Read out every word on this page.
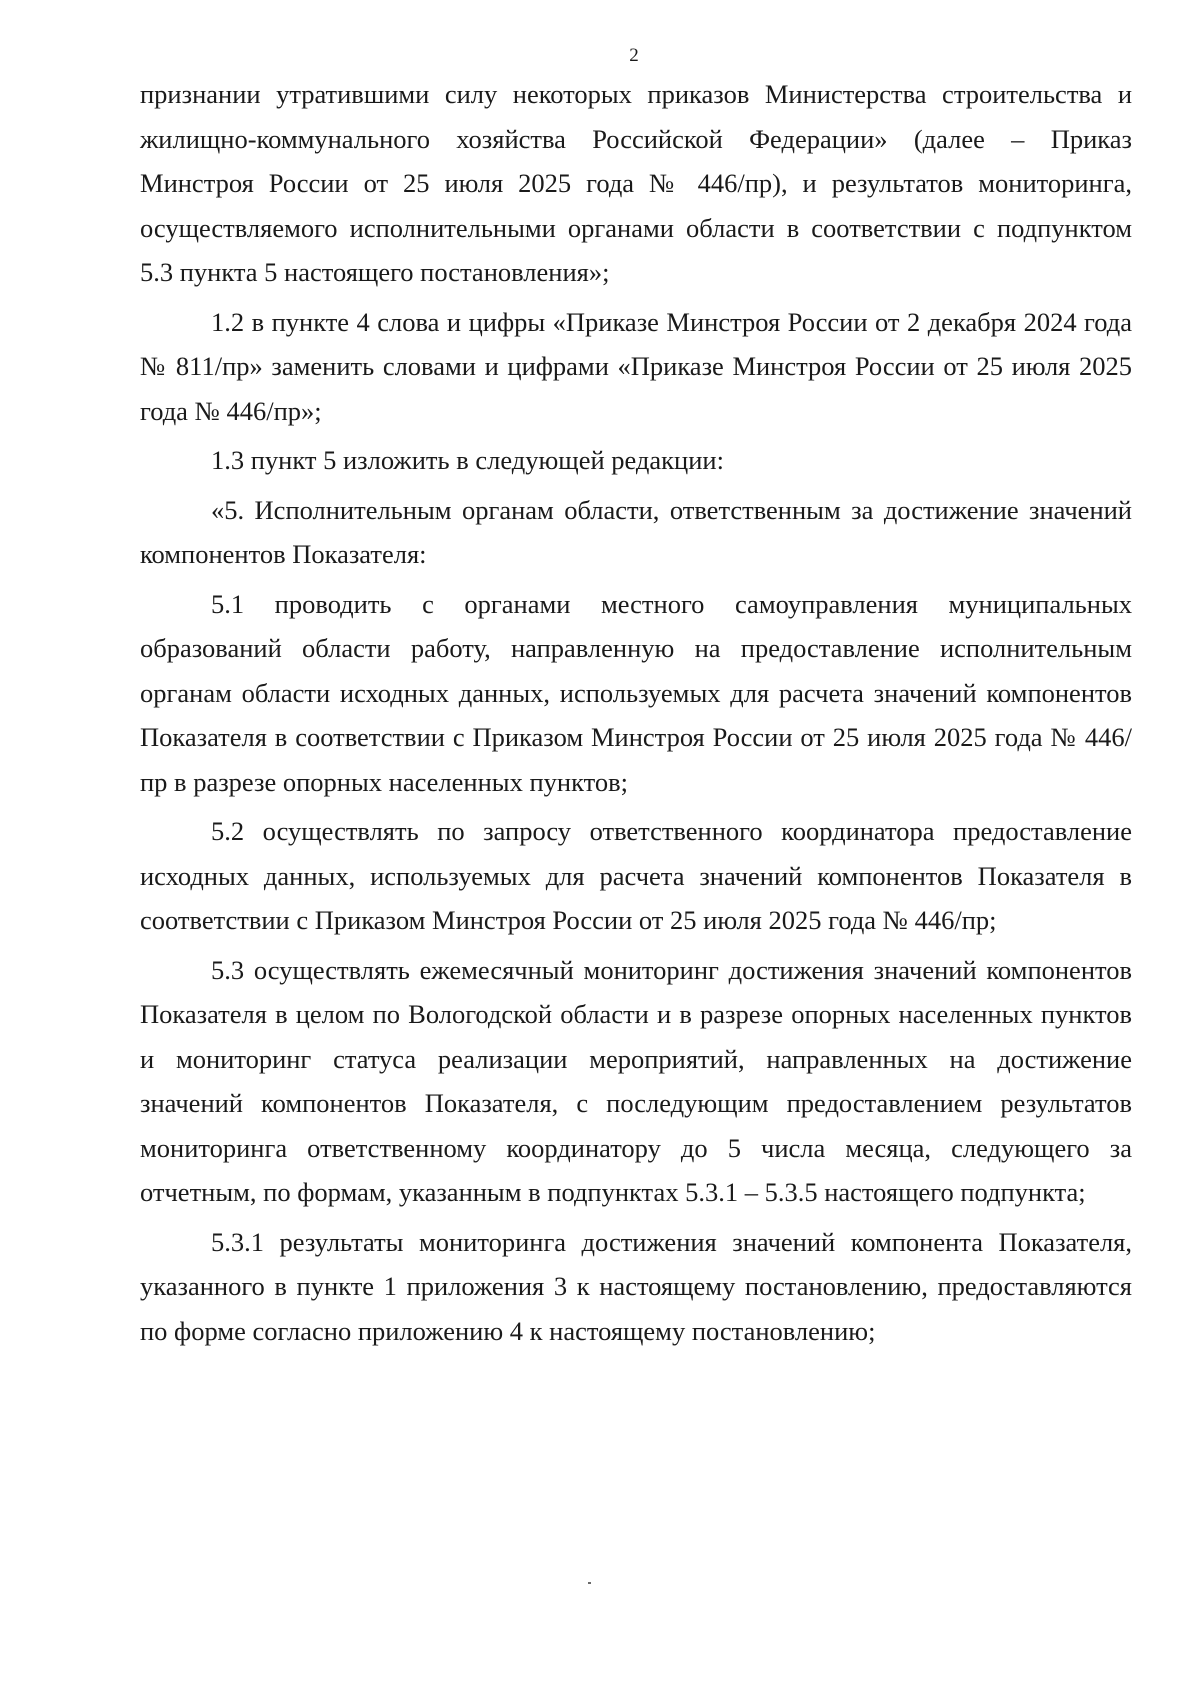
2

признании утратившими силу некоторых приказов Министерства строительства и жилищно-коммунального хозяйства Российской Федерации» (далее – Приказ Минстроя России от 25 июля 2025 года № 446/пр), и результатов мониторинга, осуществляемого исполнительными органами области в соответствии с подпунктом 5.3 пункта 5 настоящего постановления»;

1.2 в пункте 4 слова и цифры «Приказе Минстроя России от 2 декабря 2024 года № 811/пр» заменить словами и цифрами «Приказе Минстроя России от 25 июля 2025 года № 446/пр»;

1.3 пункт 5 изложить в следующей редакции:

«5. Исполнительным органам области, ответственным за достижение значений компонентов Показателя:

5.1 проводить с органами местного самоуправления муниципальных образований области работу, направленную на предоставление исполнительным органам области исходных данных, используемых для расчета значений компонентов Показателя в соответствии с Приказом Минстроя России от 25 июля 2025 года № 446/пр в разрезе опорных населенных пунктов;

5.2 осуществлять по запросу ответственного координатора предоставление исходных данных, используемых для расчета значений компонентов Показателя в соответствии с Приказом Минстроя России от 25 июля 2025 года № 446/пр;

5.3 осуществлять ежемесячный мониторинг достижения значений компонентов Показателя в целом по Вологодской области и в разрезе опорных населенных пунктов и мониторинг статуса реализации мероприятий, направленных на достижение значений компонентов Показателя, с последующим предоставлением результатов мониторинга ответственному координатору до 5 числа месяца, следующего за отчетным, по формам, указанным в подпунктах 5.3.1 – 5.3.5 настоящего подпункта;

5.3.1 результаты мониторинга достижения значений компонента Показателя, указанного в пункте 1 приложения 3 к настоящему постановлению, предоставляются по форме согласно приложению 4 к настоящему постановлению;
